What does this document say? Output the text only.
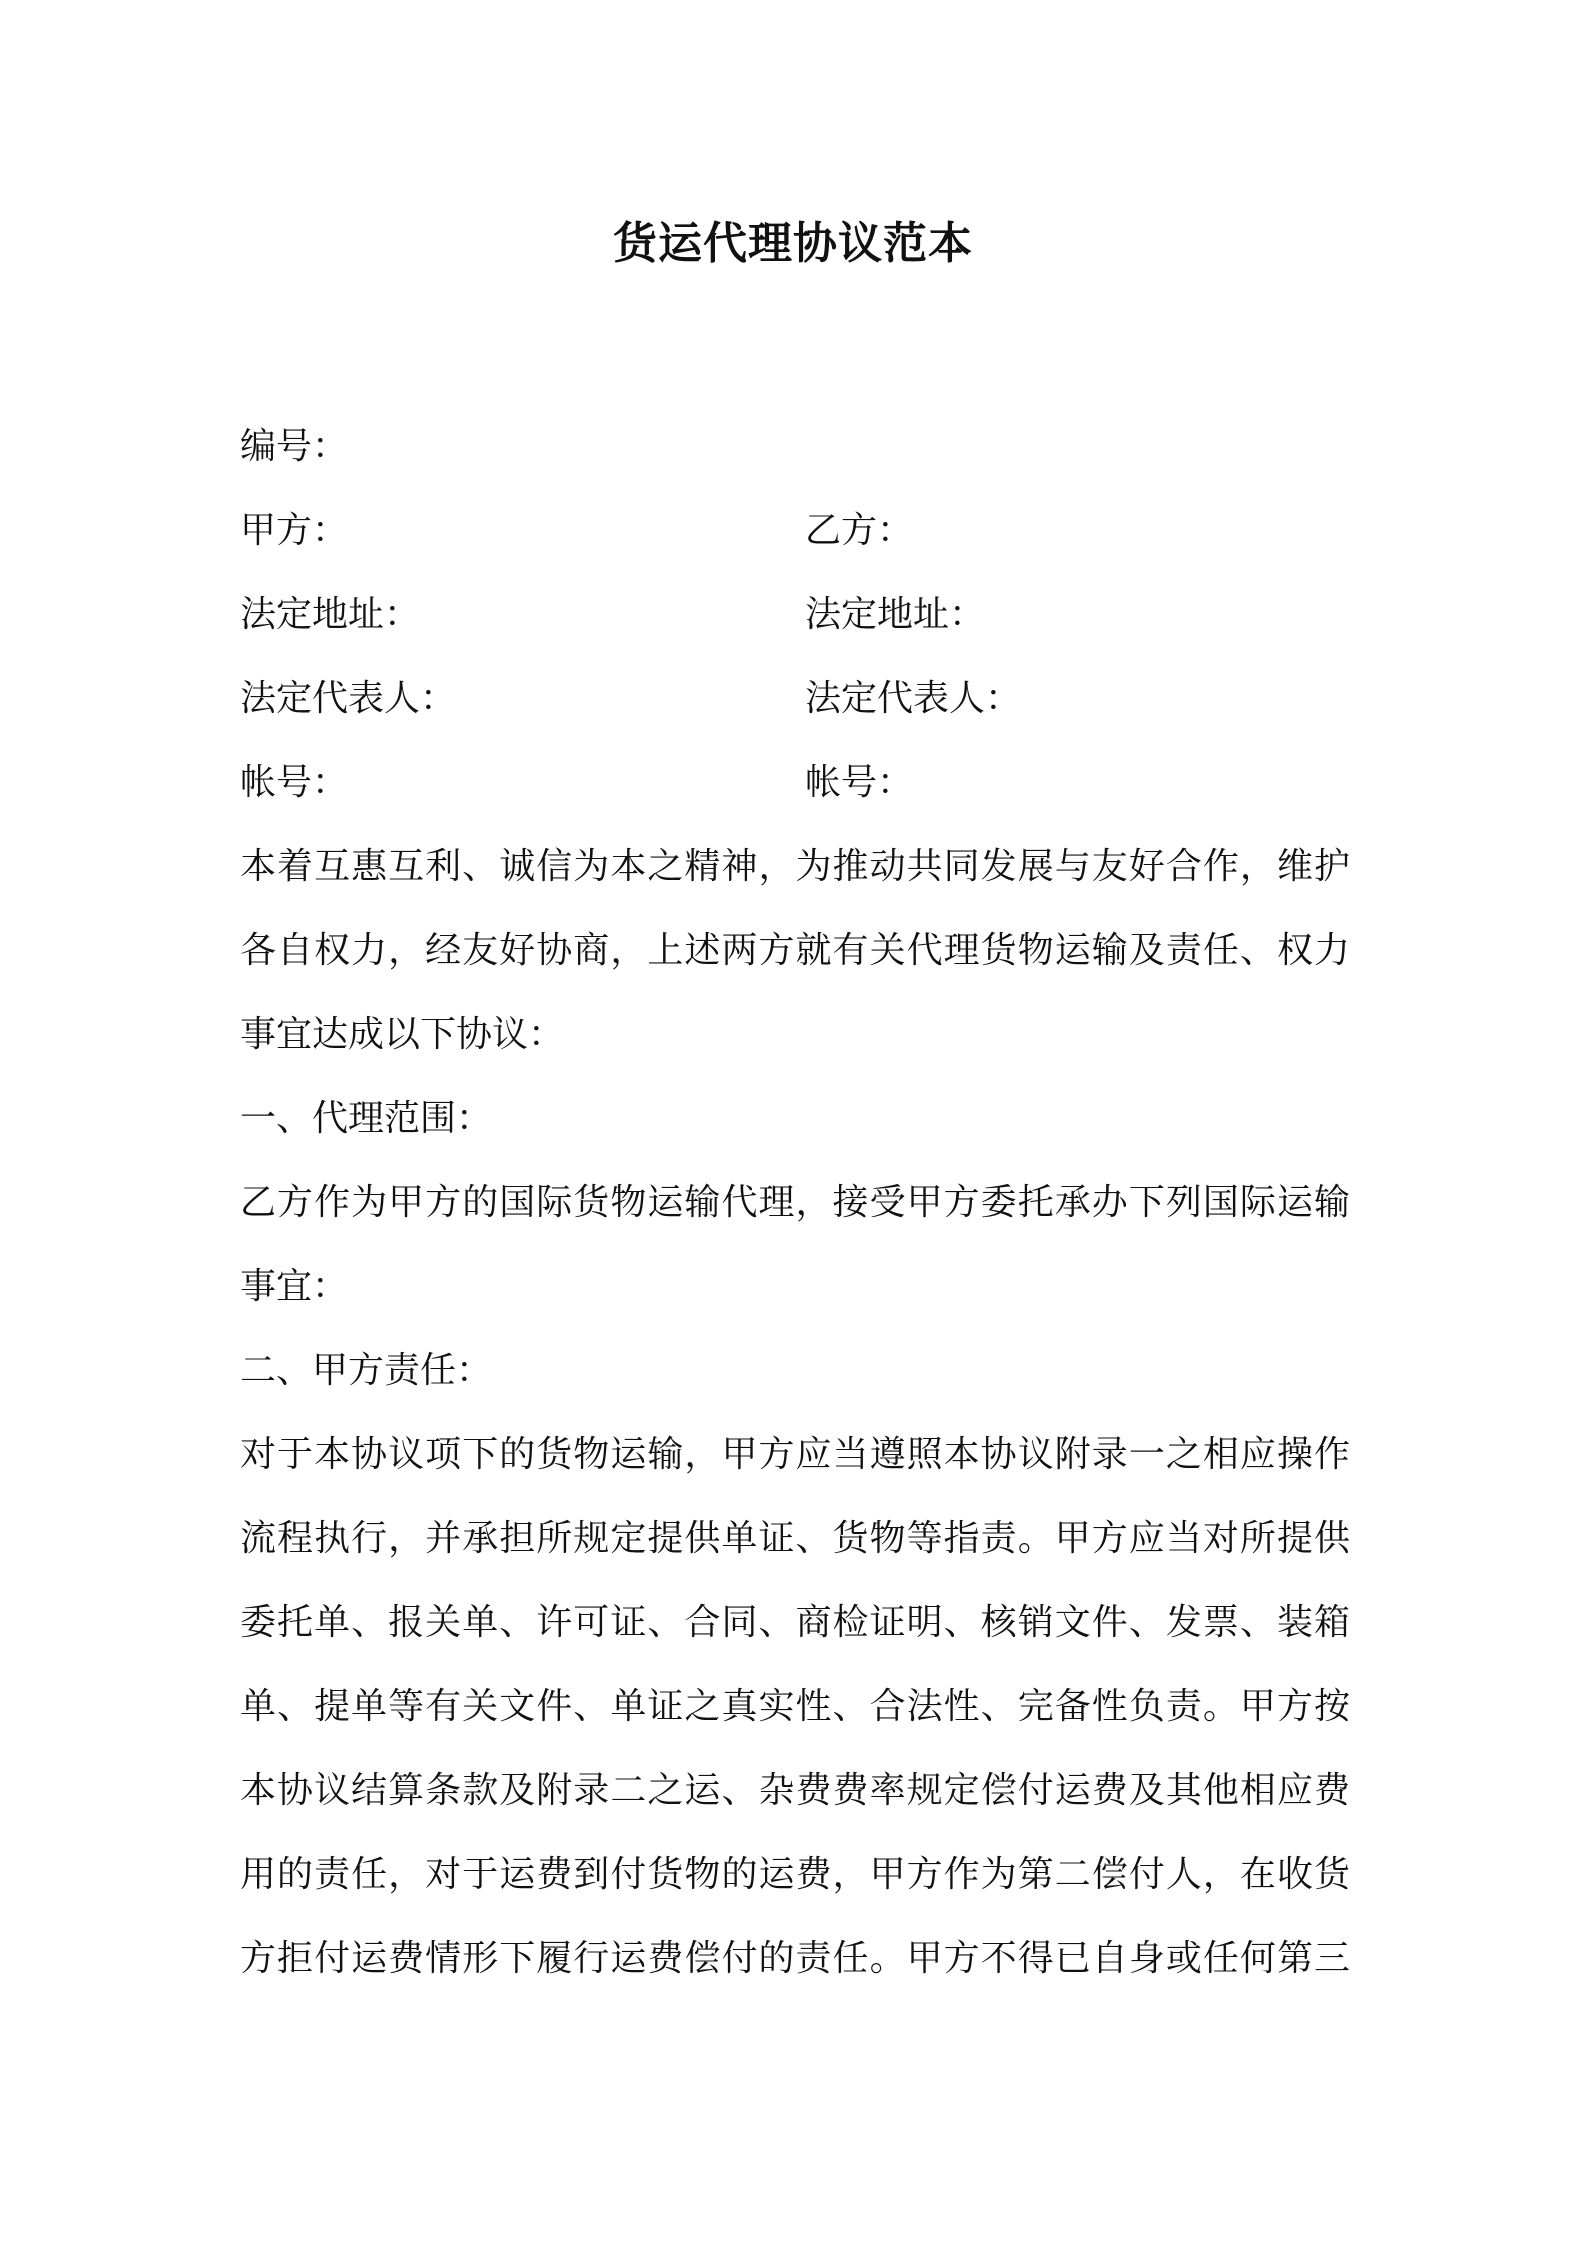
货运代理协议范本
编号：
甲方：	乙方：
法定地址：	法定地址：
法定代表人：	法定代表人：
帐号：	帐号：
本着互惠互利、诚信为本之精神，为推动共同发展与友好合作，维护
各自权力，经友好协商，上述两方就有关代理货物运输及责任、权力
事宜达成以下协议：
一、代理范围：
乙方作为甲方的国际货物运输代理，接受甲方委托承办下列国际运输
事宜：
二、甲方责任：
对于本协议项下的货物运输，甲方应当遵照本协议附录一之相应操作
流程执行，并承担所规定提供单证、货物等指责。甲方应当对所提供
委托单、报关单、许可证、合同、商检证明、核销文件、发票、装箱
单、提单等有关文件、单证之真实性、合法性、完备性负责。甲方按
本协议结算条款及附录二之运、杂费费率规定偿付运费及其他相应费
用的责任，对于运费到付货物的运费，甲方作为第二偿付人，在收货
方拒付运费情形下履行运费偿付的责任。甲方不得已自身或任何第三
